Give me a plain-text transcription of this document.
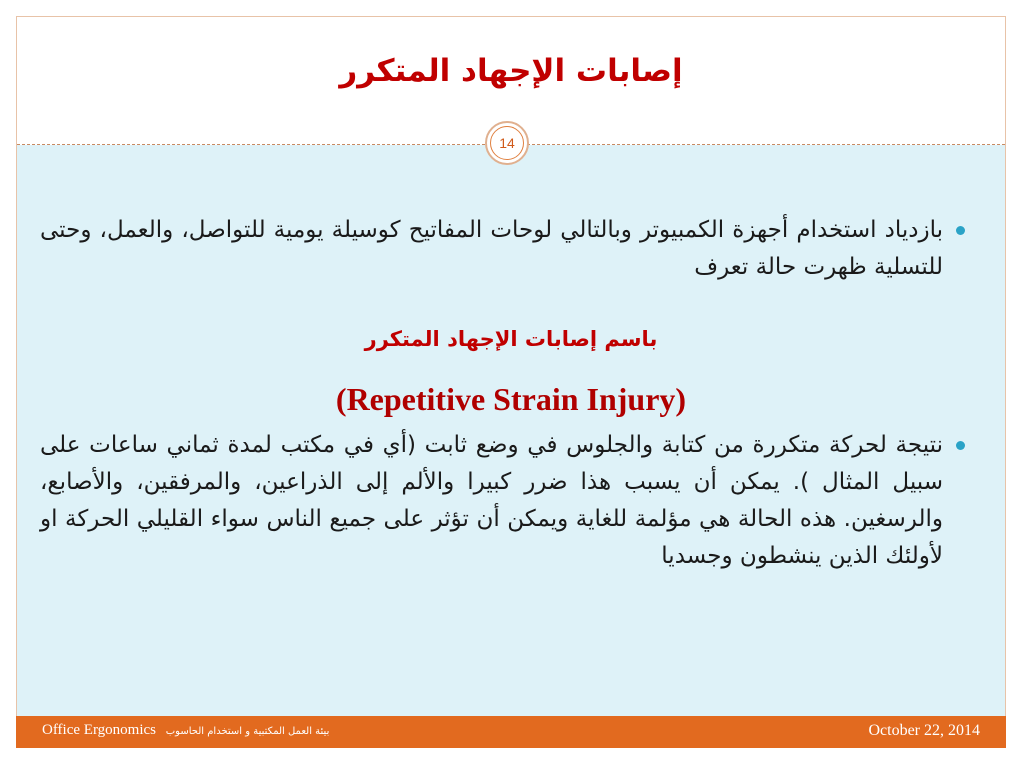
إصابات الإجهاد المتكرر
14

بازدياد استخدام أجهزة الكمبيوتر وبالتالي لوحات المفاتيح كوسيلة يومية للتواصل، والعمل، وحتى للتسلية ظهرت حالة تعرف

باسم إصابات الإجهاد المتكرر
(Repetitive Strain Injury)

نتيجة لحركة متكررة من كتابة والجلوس في وضع ثابت (أي في مكتب لمدة ثماني ساعات على سبيل المثال ). يمكن أن يسبب هذا ضرر كبيرا والألم إلى الذراعين، والمرفقين، والأصابع، والرسغين. هذه الحالة هي مؤلمة للغاية ويمكن أن تؤثر على جميع الناس سواء القليلي الحركة او لأولئك الذين ينشطون وجسديا

Office Ergonomics بيئة العمل المكتبية و استخدام الحاسوب	October 22, 2014
